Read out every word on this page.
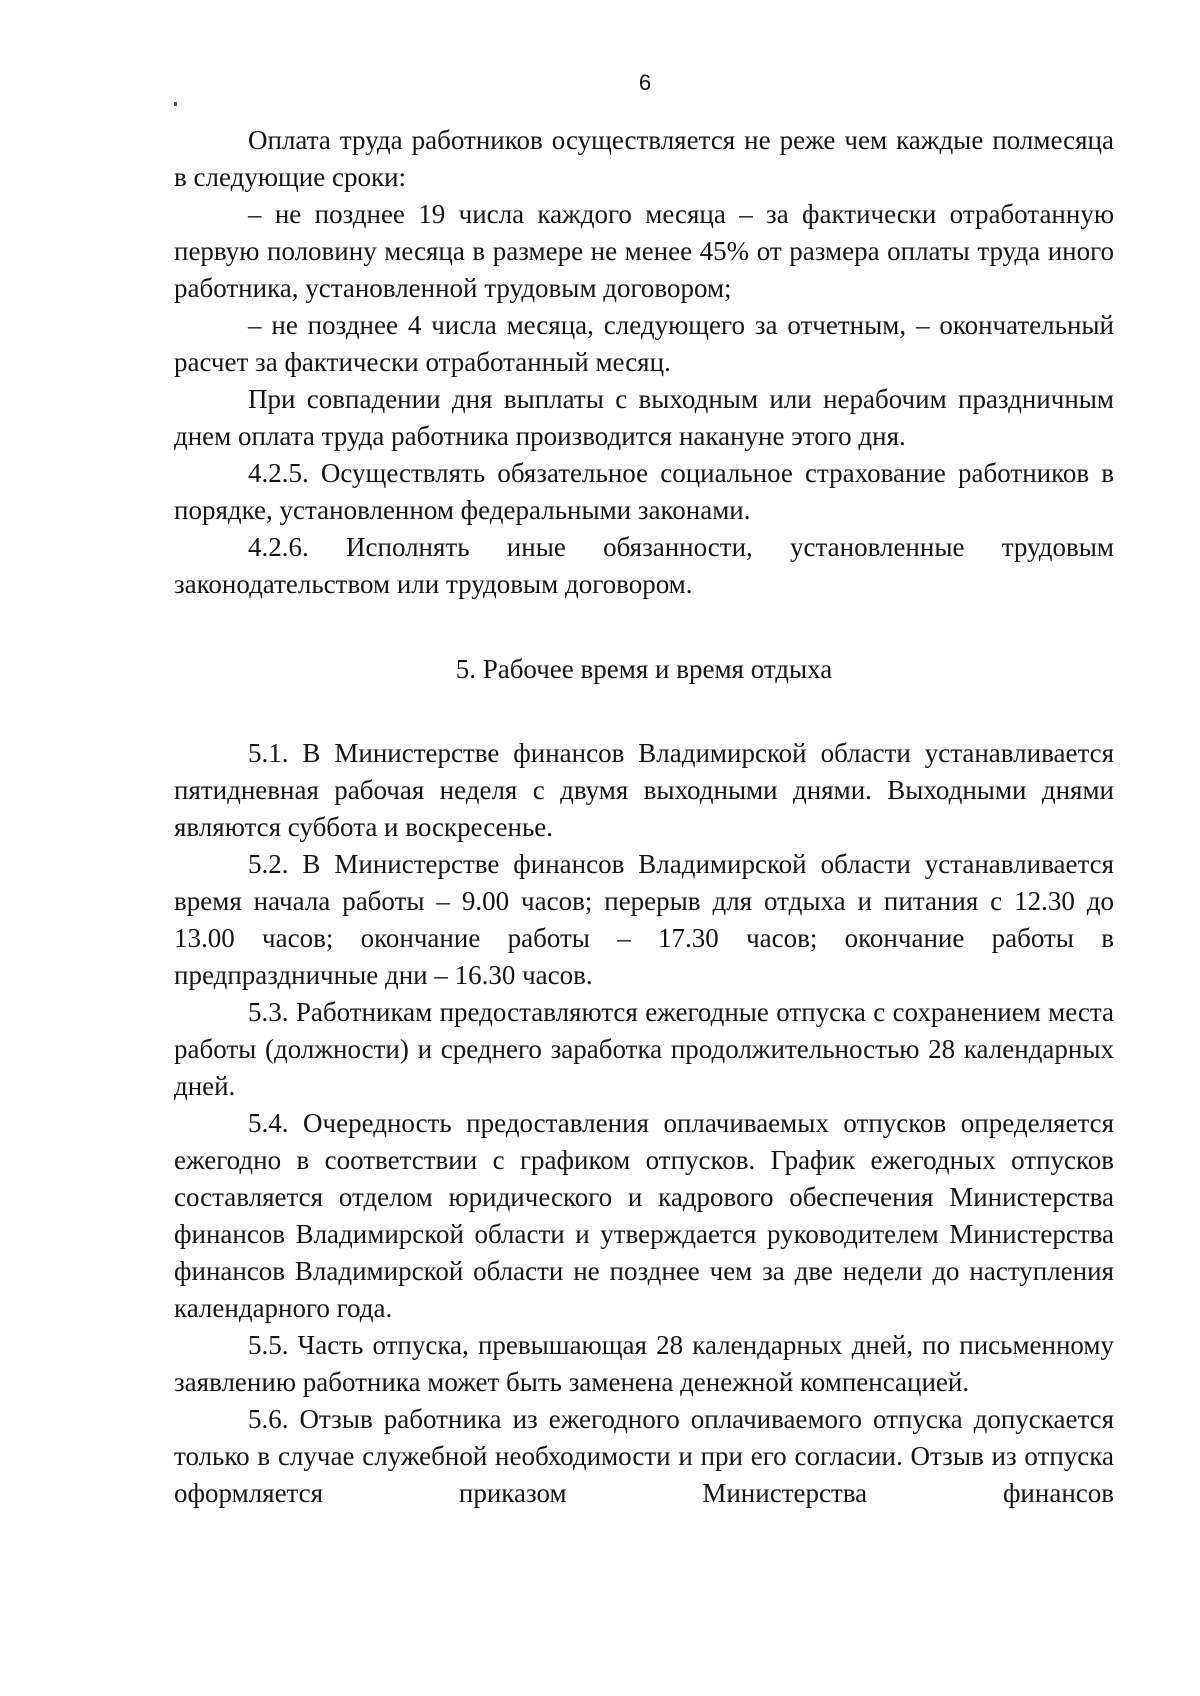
6

Оплата труда работников осуществляется не реже чем каждые полмесяца в следующие сроки:

– не позднее 19 числа каждого месяца – за фактически отработанную первую половину месяца в размере не менее 45% от размера оплаты труда иного работника, установленной трудовым договором;

– не позднее 4 числа месяца, следующего за отчетным, – окончательный расчет за фактически отработанный месяц.

При совпадении дня выплаты с выходным или нерабочим праздничным днем оплата труда работника производится накануне этого дня.

4.2.5. Осуществлять обязательное социальное страхование работников в порядке, установленном федеральными законами.

4.2.6. Исполнять иные обязанности, установленные трудовым законодательством или трудовым договором.

5. Рабочее время и время отдыха

5.1. В Министерстве финансов Владимирской области устанавливается пятидневная рабочая неделя с двумя выходными днями. Выходными днями являются суббота и воскресенье.

5.2. В Министерстве финансов Владимирской области устанавливается время начала работы – 9.00 часов; перерыв для отдыха и питания с 12.30 до 13.00 часов; окончание работы – 17.30 часов; окончание работы в предпраздничные дни – 16.30 часов.

5.3. Работникам предоставляются ежегодные отпуска с сохранением места работы (должности) и среднего заработка продолжительностью 28 календарных дней.

5.4. Очередность предоставления оплачиваемых отпусков определяется ежегодно в соответствии с графиком отпусков. График ежегодных отпусков составляется отделом юридического и кадрового обеспечения Министерства финансов Владимирской области и утверждается руководителем Министерства финансов Владимирской области не позднее чем за две недели до наступления календарного года.

5.5. Часть отпуска, превышающая 28 календарных дней, по письменному заявлению работника может быть заменена денежной компенсацией.

5.6. Отзыв работника из ежегодного оплачиваемого отпуска допускается только в случае служебной необходимости и при его согласии. Отзыв из отпуска оформляется приказом Министерства финансов
